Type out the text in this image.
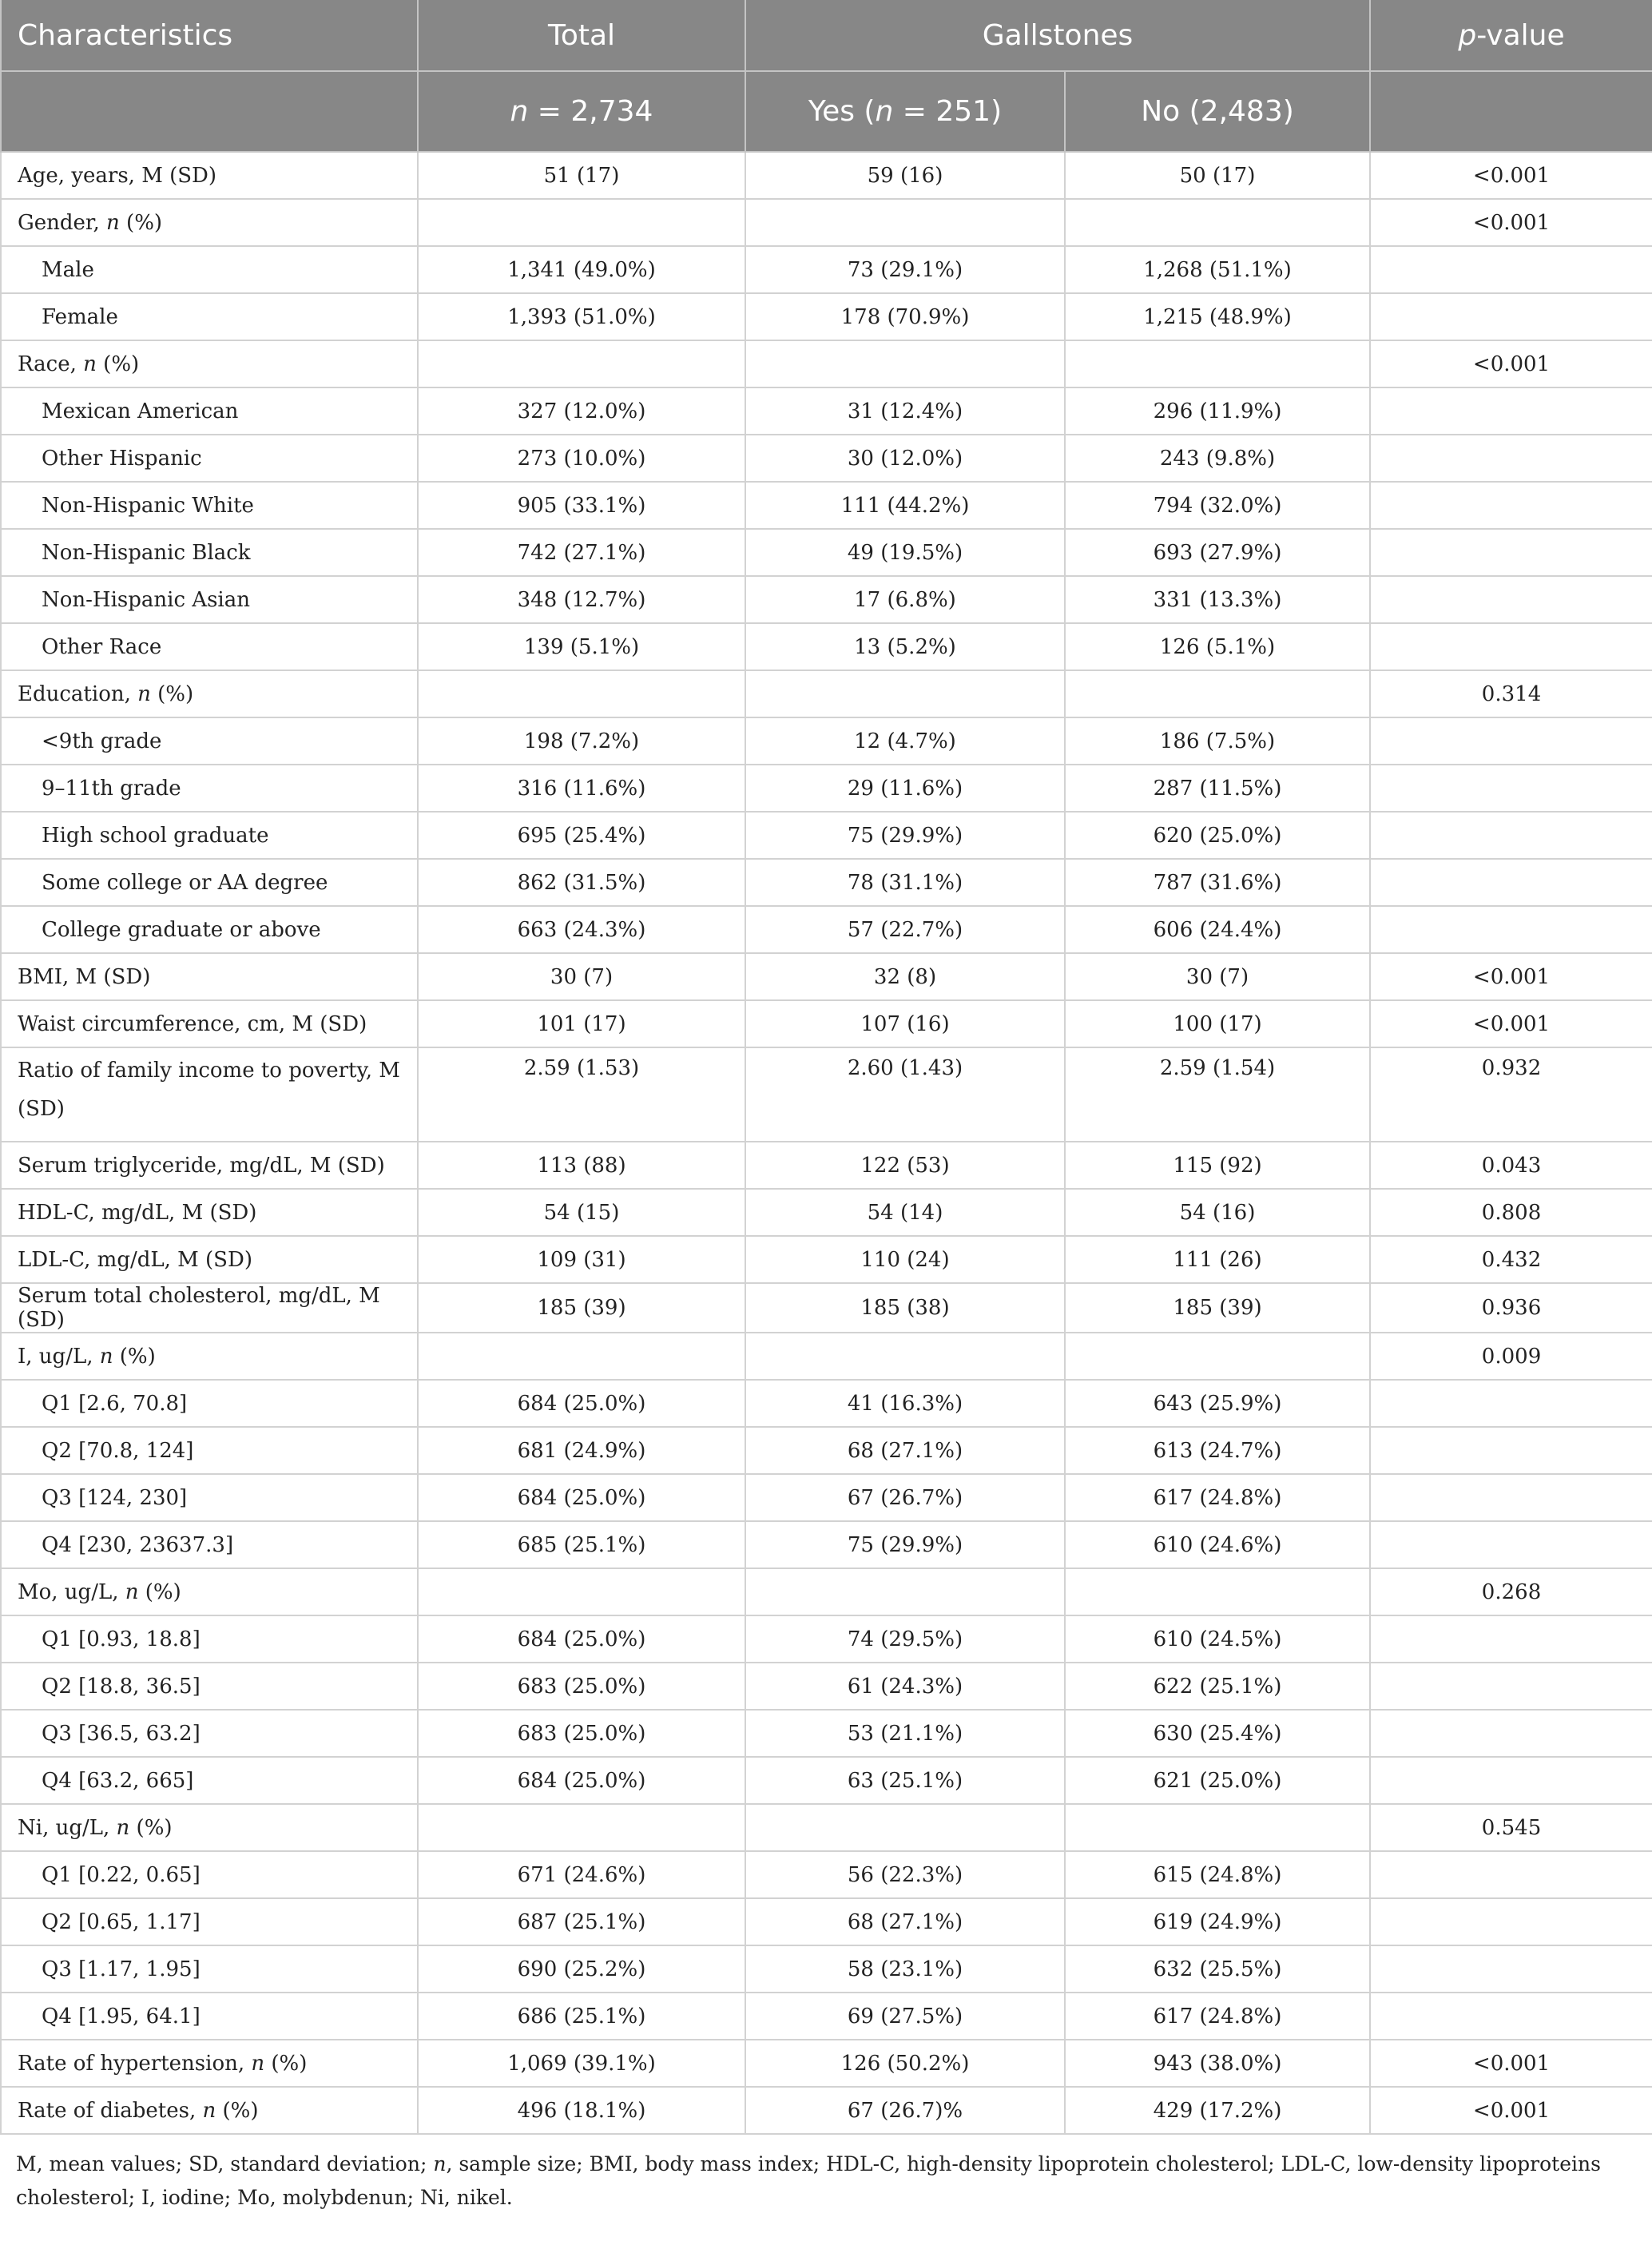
Characteristics	Total	Gallstones		p-value
	n = 2,734	Yes (n = 251)	No (2,483)	
Age, years, M (SD)	51 (17)	59 (16)	50 (17)	<0.001
Gender, n (%)				<0.001
Male	1,341 (49.0%)	73 (29.1%)	1,268 (51.1%)	
Female	1,393 (51.0%)	178 (70.9%)	1,215 (48.9%)	
Race, n (%)				<0.001
Mexican American	327 (12.0%)	31 (12.4%)	296 (11.9%)	
Other Hispanic	273 (10.0%)	30 (12.0%)	243 (9.8%)	
Non-Hispanic White	905 (33.1%)	111 (44.2%)	794 (32.0%)	
Non-Hispanic Black	742 (27.1%)	49 (19.5%)	693 (27.9%)	
Non-Hispanic Asian	348 (12.7%)	17 (6.8%)	331 (13.3%)	
Other Race	139 (5.1%)	13 (5.2%)	126 (5.1%)	
Education, n (%)				0.314
<9th grade	198 (7.2%)	12 (4.7%)	186 (7.5%)	
9–11th grade	316 (11.6%)	29 (11.6%)	287 (11.5%)	
High school graduate	695 (25.4%)	75 (29.9%)	620 (25.0%)	
Some college or AA degree	862 (31.5%)	78 (31.1%)	787 (31.6%)	
College graduate or above	663 (24.3%)	57 (22.7%)	606 (24.4%)	
BMI, M (SD)	30 (7)	32 (8)	30 (7)	<0.001
Waist circumference, cm, M (SD)	101 (17)	107 (16)	100 (17)	<0.001
Ratio of family income to poverty, M (SD)	2.59 (1.53)	2.60 (1.43)	2.59 (1.54)	0.932
Serum triglyceride, mg/dL, M (SD)	113 (88)	122 (53)	115 (92)	0.043
HDL-C, mg/dL, M (SD)	54 (15)	54 (14)	54 (16)	0.808
LDL-C, mg/dL, M (SD)	109 (31)	110 (24)	111 (26)	0.432
Serum total cholesterol, mg/dL, M (SD)	185 (39)	185 (38)	185 (39)	0.936
I, ug/L, n (%)				0.009
Q1 [2.6, 70.8]	684 (25.0%)	41 (16.3%)	643 (25.9%)	
Q2 [70.8, 124]	681 (24.9%)	68 (27.1%)	613 (24.7%)	
Q3 [124, 230]	684 (25.0%)	67 (26.7%)	617 (24.8%)	
Q4 [230, 23637.3]	685 (25.1%)	75 (29.9%)	610 (24.6%)	
Mo, ug/L, n (%)				0.268
Q1 [0.93, 18.8]	684 (25.0%)	74 (29.5%)	610 (24.5%)	
Q2 [18.8, 36.5]	683 (25.0%)	61 (24.3%)	622 (25.1%)	
Q3 [36.5, 63.2]	683 (25.0%)	53 (21.1%)	630 (25.4%)	
Q4 [63.2, 665]	684 (25.0%)	63 (25.1%)	621 (25.0%)	
Ni, ug/L, n (%)				0.545
Q1 [0.22, 0.65]	671 (24.6%)	56 (22.3%)	615 (24.8%)	
Q2 [0.65, 1.17]	687 (25.1%)	68 (27.1%)	619 (24.9%)	
Q3 [1.17, 1.95]	690 (25.2%)	58 (23.1%)	632 (25.5%)	
Q4 [1.95, 64.1]	686 (25.1%)	69 (27.5%)	617 (24.8%)	
Rate of hypertension, n (%)	1,069 (39.1%)	126 (50.2%)	943 (38.0%)	<0.001
Rate of diabetes, n (%)	496 (18.1%)	67 (26.7)%	429 (17.2%)	<0.001
M, mean values; SD, standard deviation; n, sample size; BMI, body mass index; HDL-C, high-density lipoprotein cholesterol; LDL-C, low-density lipoproteins cholesterol; I, iodine; Mo, molybdenun; Ni, nikel.
